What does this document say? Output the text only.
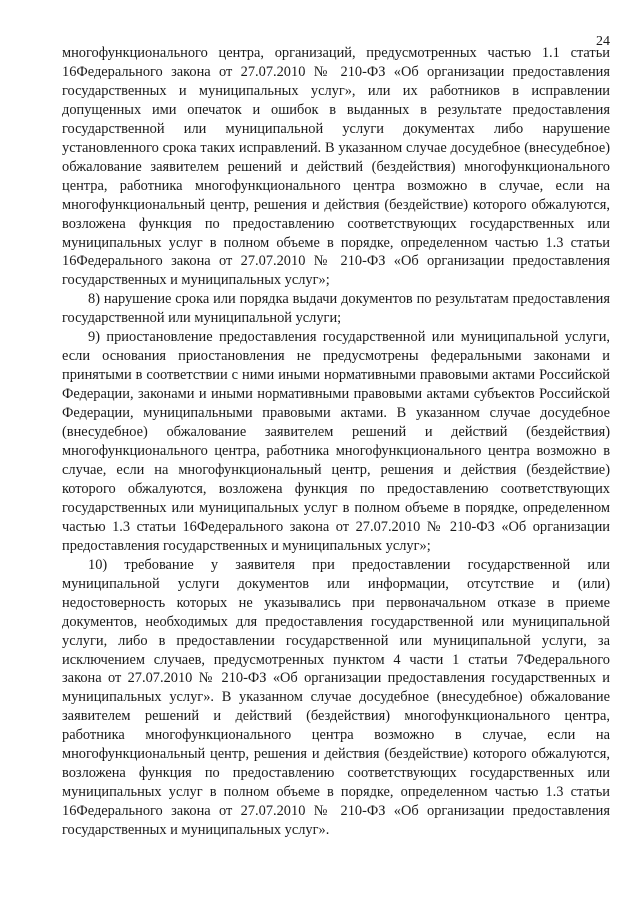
24

многофункционального центра, организаций, предусмотренных частью 1.1 статьи 16Федерального закона от 27.07.2010 № 210-ФЗ «Об организации предоставления государственных и муниципальных услуг», или их работников в исправлении допущенных ими опечаток и ошибок в выданных в результате предоставления государственной или муниципальной услуги документах либо нарушение установленного срока таких исправлений. В указанном случае досудебное (внесудебное) обжалование заявителем решений и действий (бездействия) многофункционального центра, работника многофункционального центра возможно в случае, если на многофункциональный центр, решения и действия (бездействие) которого обжалуются, возложена функция по предоставлению соответствующих государственных или муниципальных услуг в полном объеме в порядке, определенном частью 1.3 статьи 16Федерального закона от 27.07.2010 № 210-ФЗ «Об организации предоставления государственных и муниципальных услуг»;

8) нарушение срока или порядка выдачи документов по результатам предоставления государственной или муниципальной услуги;

9) приостановление предоставления государственной или муниципальной услуги, если основания приостановления не предусмотрены федеральными законами и принятыми в соответствии с ними иными нормативными правовыми актами Российской Федерации, законами и иными нормативными правовыми актами субъектов Российской Федерации, муниципальными правовыми актами. В указанном случае досудебное (внесудебное) обжалование заявителем решений и действий (бездействия) многофункционального центра, работника многофункционального центра возможно в случае, если на многофункциональный центр, решения и действия (бездействие) которого обжалуются, возложена функция по предоставлению соответствующих государственных или муниципальных услуг в полном объеме в порядке, определенном частью 1.3 статьи 16Федерального закона от 27.07.2010 № 210-ФЗ «Об организации предоставления государственных и муниципальных услуг»;

10) требование у заявителя при предоставлении государственной или муниципальной услуги документов или информации, отсутствие и (или) недостоверность которых не указывались при первоначальном отказе в приеме документов, необходимых для предоставления государственной или муниципальной услуги, либо в предоставлении государственной или муниципальной услуги, за исключением случаев, предусмотренных пунктом 4 части 1 статьи 7Федерального закона от 27.07.2010 № 210-ФЗ «Об организации предоставления государственных и муниципальных услуг». В указанном случае досудебное (внесудебное) обжалование заявителем решений и действий (бездействия) многофункционального центра, работника многофункционального центра возможно в случае, если на многофункциональный центр, решения и действия (бездействие) которого обжалуются, возложена функция по предоставлению соответствующих государственных или муниципальных услуг в полном объеме в порядке, определенном частью 1.3 статьи 16Федерального закона от 27.07.2010 № 210-ФЗ «Об организации предоставления государственных и муниципальных услуг».
